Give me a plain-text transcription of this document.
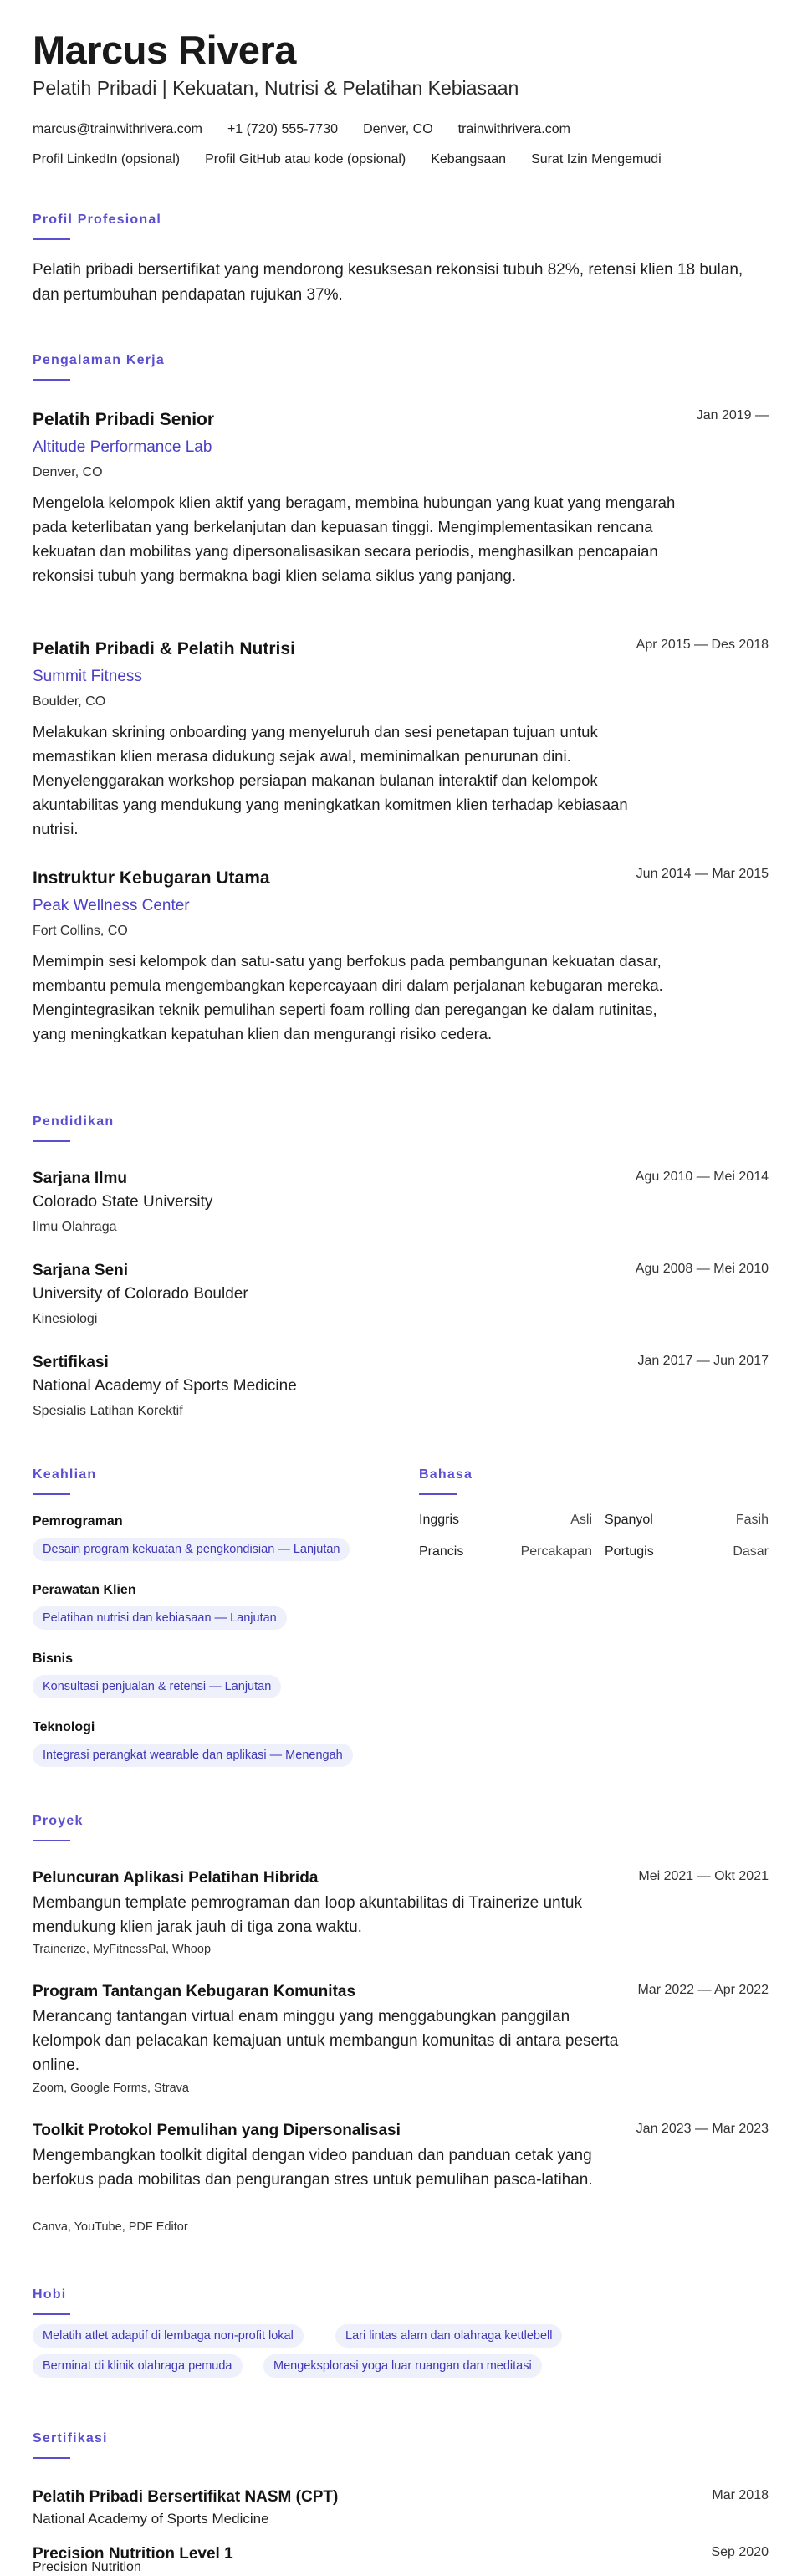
Marcus Rivera
Pelatih Pribadi | Kekuatan, Nutrisi & Pelatihan Kebiasaan
marcus@trainwithrivera.com +1 (720) 555-7730 Denver, CO trainwithrivera.com
Profil LinkedIn (opsional) Profil GitHub atau kode (opsional) Kebangsaan Surat Izin Mengemudi
Profil Profesional
Pelatih pribadi bersertifikat yang mendorong kesuksesan rekonsisi tubuh 82%, retensi klien 18 bulan, dan pertumbuhan pendapatan rujukan 37%.
Pengalaman Kerja
Pelatih Pribadi Senior	Jan 2019 —
Altitude Performance Lab
Denver, CO
Mengelola kelompok klien aktif yang beragam, membina hubungan yang kuat yang mengarah pada keterlibatan yang berkelanjutan dan kepuasan tinggi. Mengimplementasikan rencana kekuatan dan mobilitas yang dipersonalisasikan secara periodis, menghasilkan pencapaian rekonsisi tubuh yang bermakna bagi klien selama siklus yang panjang.
Pelatih Pribadi & Pelatih Nutrisi	Apr 2015 — Des 2018
Summit Fitness
Boulder, CO
Melakukan skrining onboarding yang menyeluruh dan sesi penetapan tujuan untuk memastikan klien merasa didukung sejak awal, meminimalkan penurunan dini. Menyelenggarakan workshop persiapan makanan bulanan interaktif dan kelompok akuntabilitas yang mendukung yang meningkatkan komitmen klien terhadap kebiasaan nutrisi.
Instruktur Kebugaran Utama	Jun 2014 — Mar 2015
Peak Wellness Center
Fort Collins, CO
Memimpin sesi kelompok dan satu-satu yang berfokus pada pembangunan kekuatan dasar, membantu pemula mengembangkan kepercayaan diri dalam perjalanan kebugaran mereka. Mengintegrasikan teknik pemulihan seperti foam rolling dan peregangan ke dalam rutinitas, yang meningkatkan kepatuhan klien dan mengurangi risiko cedera.
Pendidikan
Sarjana Ilmu	Agu 2010 — Mei 2014
Colorado State University
Ilmu Olahraga
Sarjana Seni	Agu 2008 — Mei 2010
University of Colorado Boulder
Kinesiologi
Sertifikasi	Jan 2017 — Jun 2017
National Academy of Sports Medicine
Spesialis Latihan Korektif
Keahlian
Pemrograman
Desain program kekuatan & pengkondisian — Lanjutan
Perawatan Klien
Pelatihan nutrisi dan kebiasaan — Lanjutan
Bisnis
Konsultasi penjualan & retensi — Lanjutan
Teknologi
Integrasi perangkat wearable dan aplikasi — Menengah
Bahasa
Inggris	Asli Spanyol	Fasih
Prancis	Percakapan Portugis	Dasar
Proyek
Peluncuran Aplikasi Pelatihan Hibrida	Mei 2021 — Okt 2021
Membangun template pemrograman dan loop akuntabilitas di Trainerize untuk mendukung klien jarak jauh di tiga zona waktu.
Trainerize, MyFitnessPal, Whoop
Program Tantangan Kebugaran Komunitas	Mar 2022 — Apr 2022
Merancang tantangan virtual enam minggu yang menggabungkan panggilan kelompok dan pelacakan kemajuan untuk membangun komunitas di antara peserta online.
Zoom, Google Forms, Strava
Toolkit Protokol Pemulihan yang Dipersonalisasi	Jan 2023 — Mar 2023
Mengembangkan toolkit digital dengan video panduan dan panduan cetak yang berfokus pada mobilitas dan pengurangan stres untuk pemulihan pasca-latihan.
Canva, YouTube, PDF Editor
Hobi
Melatih atlet adaptif di lembaga non-profit lokal	Lari lintas alam dan olahraga kettlebell
Berminat di klinik olahraga pemuda	Mengeksplorasi yoga luar ruangan dan meditasi
Sertifikasi
Pelatih Pribadi Bersertifikat NASM (CPT)	Mar 2018
National Academy of Sports Medicine
Precision Nutrition Level 1	Sep 2020
Precision Nutrition
